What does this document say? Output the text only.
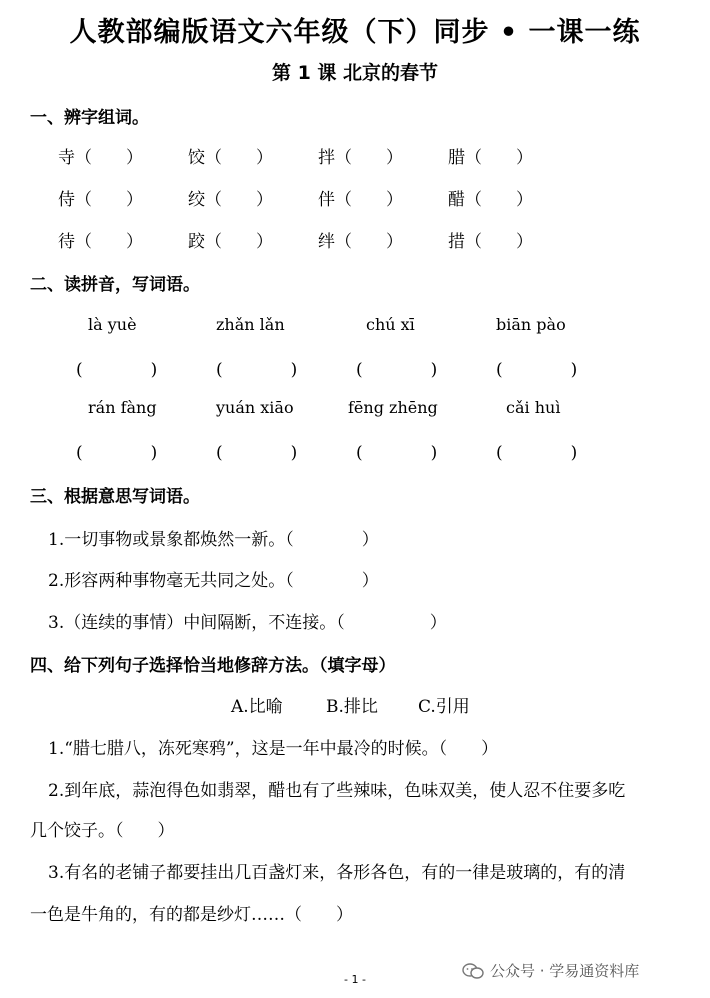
人教部编版语文六年级（下）同步 • 一课一练
第 1 课 北京的春节
一、辨字组词。
寺（　　）	饺（　　）	拌（　　）	腊（　　）
侍（　　）	绞（　　）	伴（　　）	醋（　　）
待（　　）	跤（　　）	绊（　　）	措（　　）
二、读拼音，写词语。
là yuè	zhǎn lǎn	chú xī	biān pào
(　　　　)	(　　　　)	(　　　　)	(　　　　)
rán fàng	yuán xiāo	fēng zhēng	cǎi huì
(　　　　)	(　　　　)	(　　　　)	(　　　　)
三、根据意思写词语。
1.一切事物或景象都焕然一新。（　　　　）
2.形容两种事物毫无共同之处。（　　　　）
3.（连续的事情）中间隔断，不连接。（　　　　　）
四、给下列句子选择恰当地修辞方法。（填字母）
A.比喻	B.排比 C.引用
1.“腊七腊八，冻死寒鸦”，这是一年中最冷的时候。（　　）
2.到年底，蒜泡得色如翡翠，醋也有了些辣味，色味双美，使人忍不住要多吃
几个饺子。（　　）
3.有名的老铺子都要挂出几百盏灯来，各形各色，有的一律是玻璃的，有的清
一色是牛角的，有的都是纱灯……（　　）
- 1 -	公众号 · 学易通资料库
